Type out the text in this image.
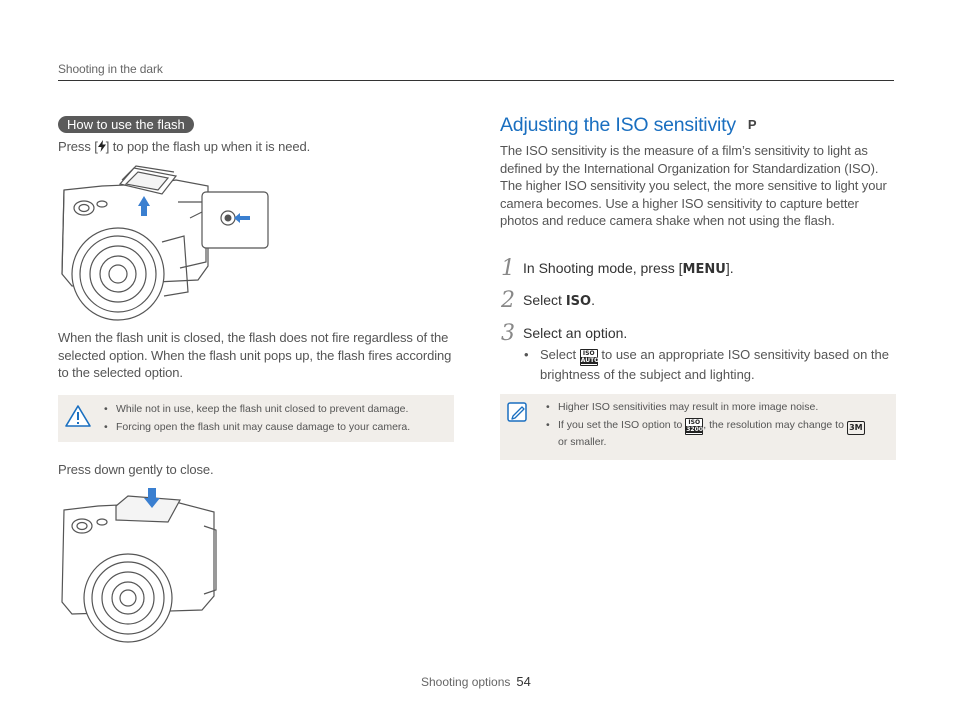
Shooting in the dark
How to use the flash
Press [ ] to pop the flash up when it is need.
When the flash unit is closed, the flash does not fire regardless of the selected option. When the flash unit pops up, the flash fires according to the selected option.
• While not in use, keep the flash unit closed to prevent damage.
• Forcing open the flash unit may cause damage to your camera.
Press down gently to close.
Adjusting the ISO sensitivity P
The ISO sensitivity is the measure of a film’s sensitivity to light as defined by the International Organization for Standardization (ISO). The higher ISO sensitivity you select, the more sensitive to light your camera becomes. Use a higher ISO sensitivity to capture better photos and reduce camera shake when not using the flash.
1 In Shooting mode, press [MENU].
2 Select ISO.
3 Select an option.
• Select ISO
AUTO
to use an appropriate ISO sensitivity based on the brightness of the subject and lighting.
• Higher ISO sensitivities may result in more image noise.
• If you set the ISO option to ISO
3200 , the resolution may change to 3M
or smaller.
Shooting options 54
